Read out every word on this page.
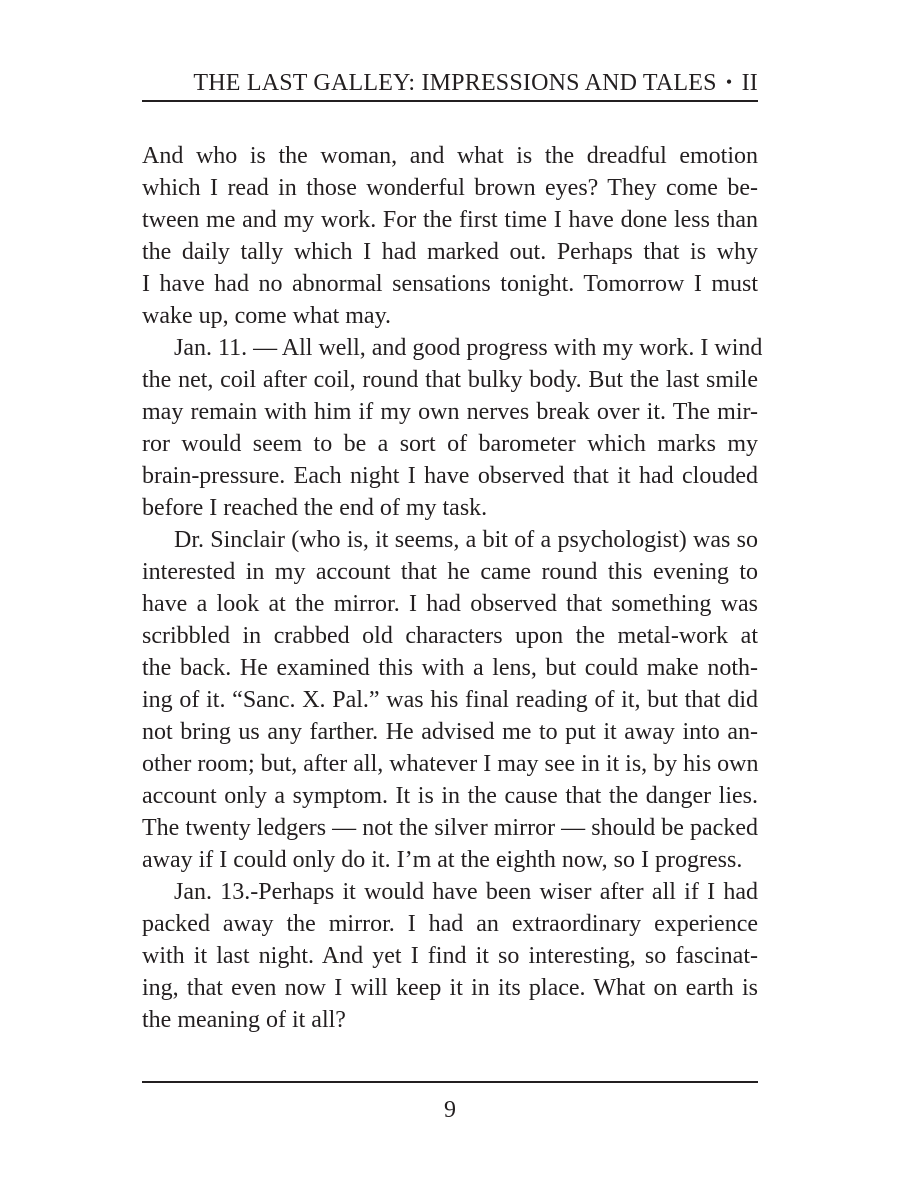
THE LAST GALLEY: IMPRESSIONS AND TALES • II
And who is the woman, and what is the dreadful emotion
which I read in those wonderful brown eyes? They come be-
tween me and my work. For the first time I have done less than
the daily tally which I had marked out. Perhaps that is why
I have had no abnormal sensations tonight. Tomorrow I must
wake up, come what may.
Jan. 11. — All well, and good progress with my work. I wind
the net, coil after coil, round that bulky body. But the last smile
may remain with him if my own nerves break over it. The mir-
ror would seem to be a sort of barometer which marks my
brain-pressure. Each night I have observed that it had clouded
before I reached the end of my task.
Dr. Sinclair (who is, it seems, a bit of a psychologist) was so
interested in my account that he came round this evening to
have a look at the mirror. I had observed that something was
scribbled in crabbed old characters upon the metal-work at
the back. He examined this with a lens, but could make noth-
ing of it. “Sanc. X. Pal.” was his final reading of it, but that did
not bring us any farther. He advised me to put it away into an-
other room; but, after all, whatever I may see in it is, by his own
account only a symptom. It is in the cause that the danger lies.
The twenty ledgers — not the silver mirror — should be packed
away if I could only do it. I’m at the eighth now, so I progress.
Jan. 13.-Perhaps it would have been wiser after all if I had
packed away the mirror. I had an extraordinary experience
with it last night. And yet I find it so interesting, so fascinat-
ing, that even now I will keep it in its place. What on earth is
the meaning of it all?
9
